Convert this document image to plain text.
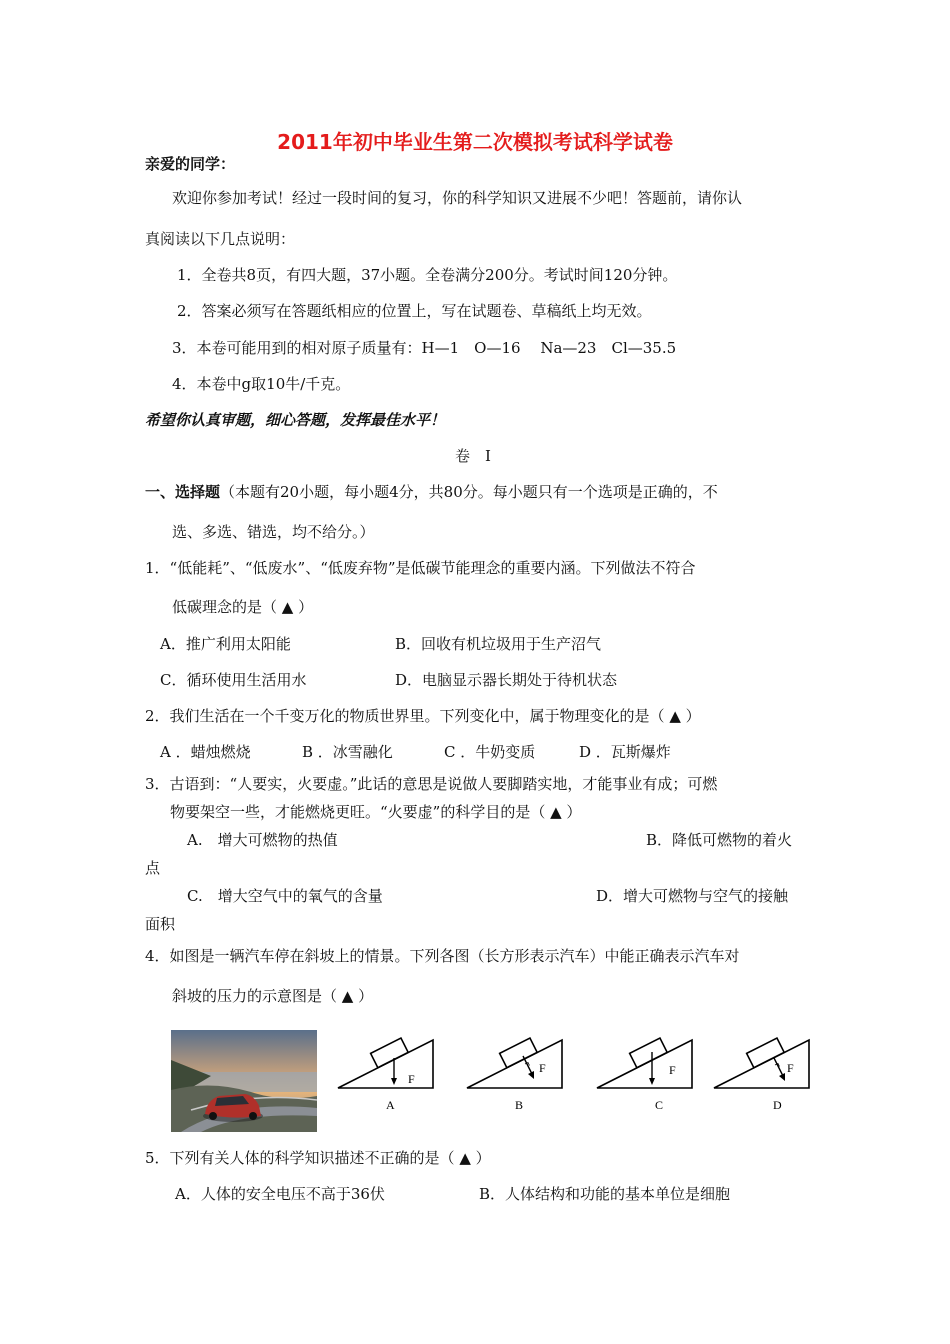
2011年初中毕业生第二次模拟考试科学试卷
亲爱的同学：
欢迎你参加考试！经过一段时间的复习，你的科学知识又进展不少吧！答题前，请你认
真阅读以下几点说明：
1．全卷共8页，有四大题，37小题。全卷满分200分。考试时间120分钟。
2．答案必须写在答题纸相应的位置上，写在试题卷、草稿纸上均无效。
3．本卷可能用到的相对原子质量有：H—1　O—16　 Na—23　Cl—35.5
4．本卷中g取10牛/千克。
希望你认真审题，细心答题，发挥最佳水平！
卷　I
一、选择题（本题有20小题，每小题4分，共80分。每小题只有一个选项是正确的，不
选、多选、错选，均不给分。）
1．“低能耗”、“低废水”、“低废弃物”是低碳节能理念的重要内涵。下列做法不符合
低碳理念的是（ ▲ ）
A．推广利用太阳能	B．回收有机垃圾用于生产沼气
C．循环使用生活用水	D．电脑显示器长期处于待机状态
2．我们生活在一个千变万化的物质世界里。下列变化中，属于物理变化的是（ ▲ ）
A ．蜡烛燃烧	B ．冰雪融化	C ．牛奶变质	D ．瓦斯爆炸
3．古语到：“人要实，火要虚。”此话的意思是说做人要脚踏实地，才能事业有成；可燃
物要架空一些，才能燃烧更旺。“火要虚”的科学目的是（ ▲ ）
A.　增大可燃物的热值	B．降低可燃物的着火
点
C.　增大空气中的氧气的含量	D．增大可燃物与空气的接触
面积
4．如图是一辆汽车停在斜坡上的情景。下列各图（长方形表示汽车）中能正确表示汽车对
斜坡的压力的示意图是（ ▲ ）
F
A
F
B
F
C
F
D
5．下列有关人体的科学知识描述不正确的是（ ▲ ）
A．人体的安全电压不高于36伏	B．人体结构和功能的基本单位是细胞
